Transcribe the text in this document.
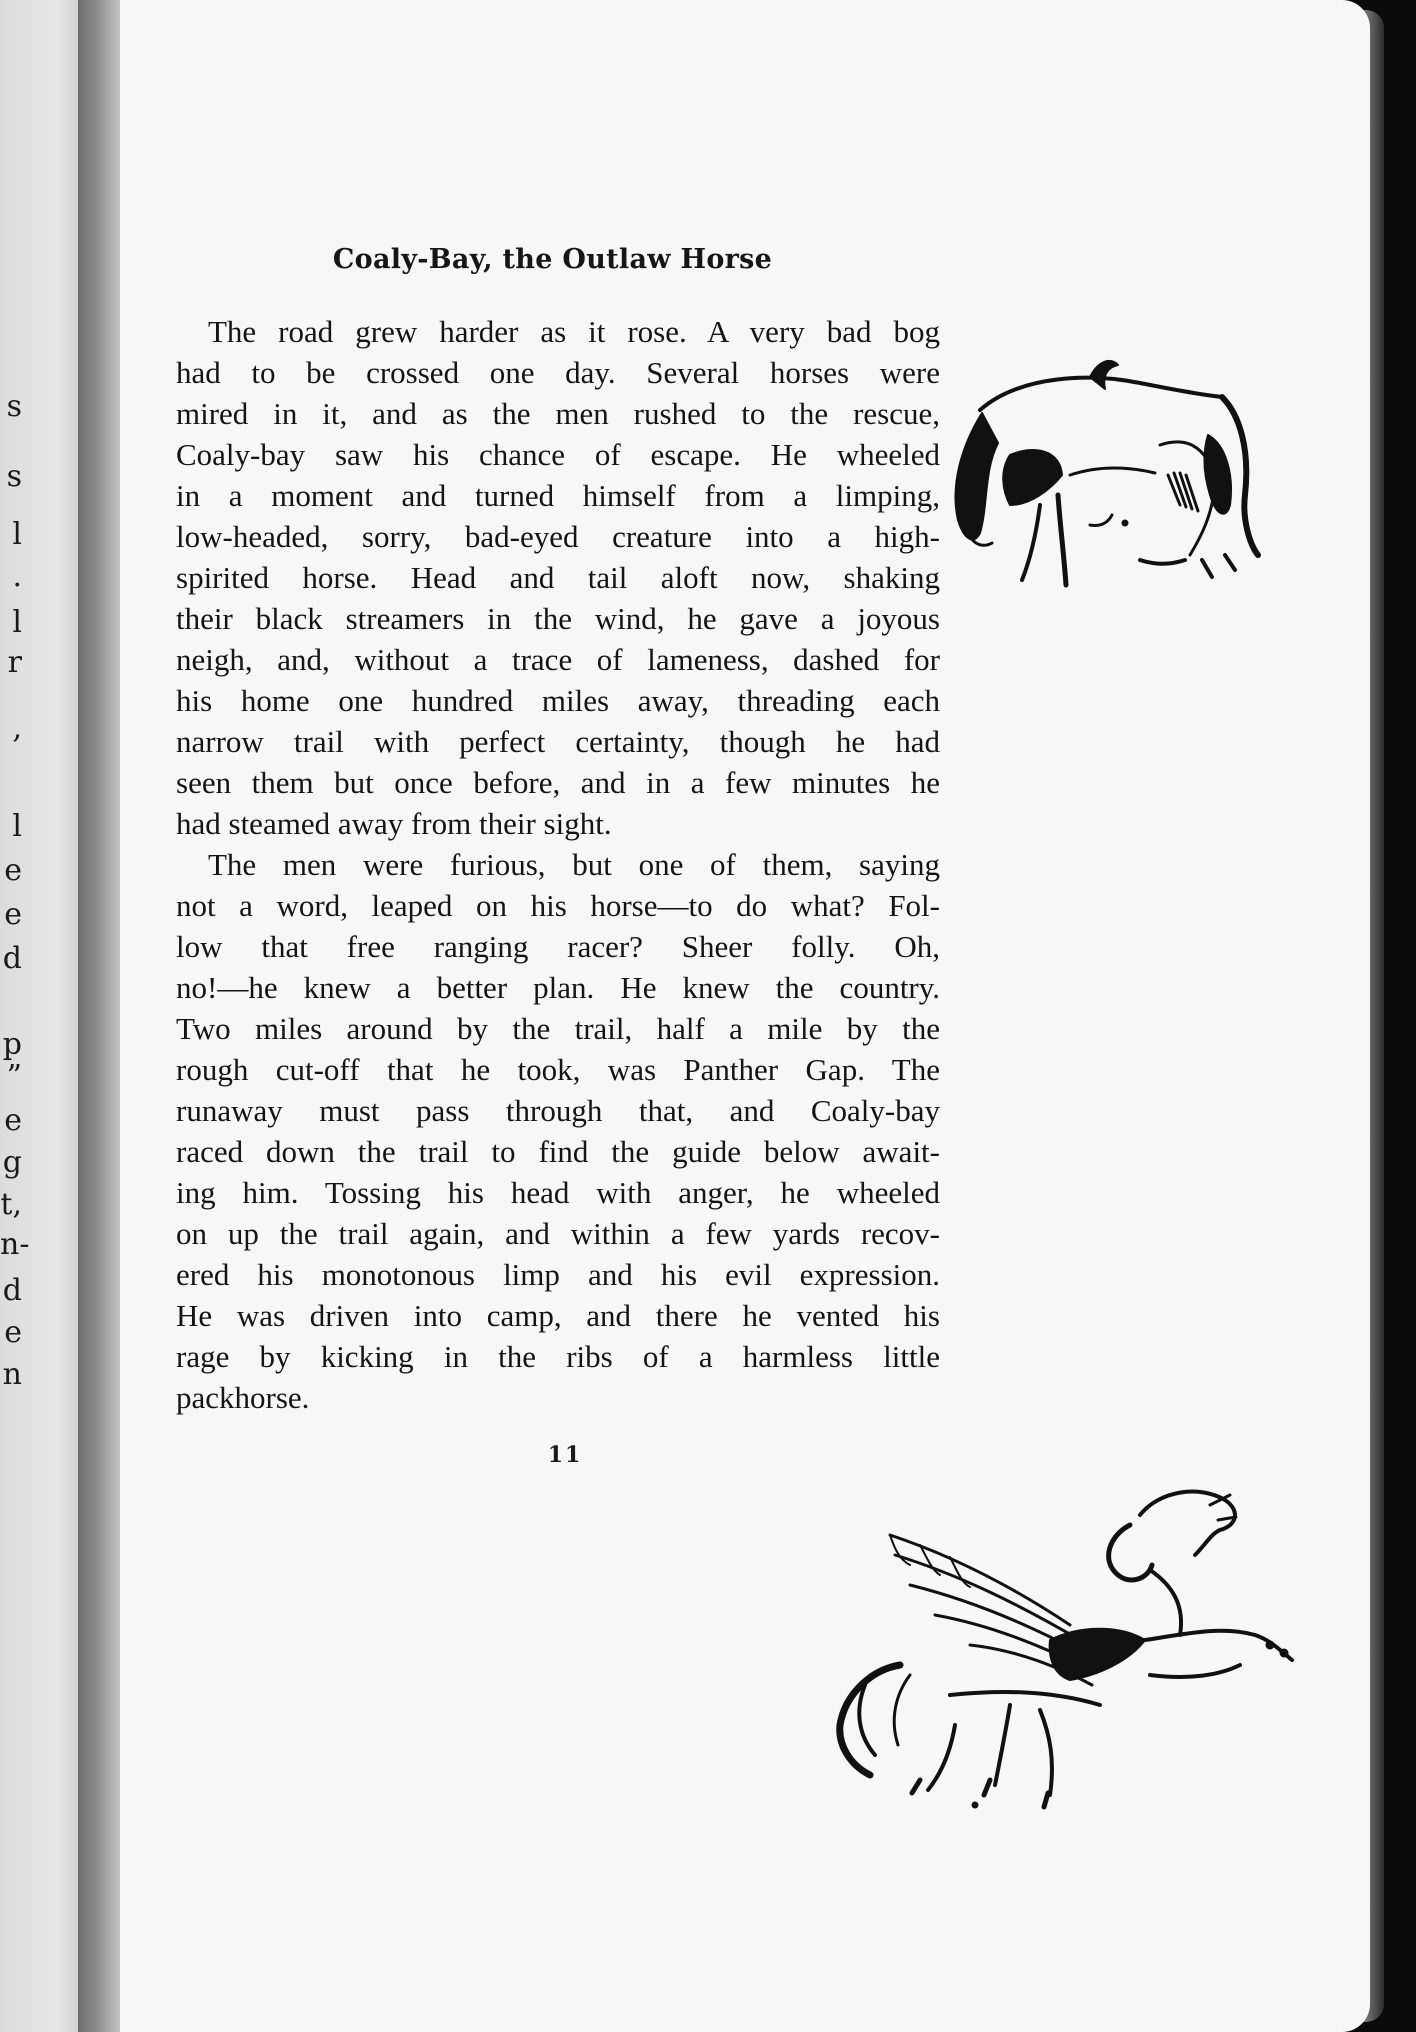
s
s
l
.
l
r
,
l
e
e
d
p
”
e
g
t,
n-
d
e
n
Coaly-Bay, the Outlaw Horse
The road grew harder as it rose. A very bad bog
had to be crossed one day. Several horses were
mired in it, and as the men rushed to the rescue,
Coaly-bay saw his chance of escape. He wheeled
in a moment and turned himself from a limping,
low-headed, sorry, bad-eyed creature into a high-
spirited horse. Head and tail aloft now, shaking
their black streamers in the wind, he gave a joyous
neigh, and, without a trace of lameness, dashed for
his home one hundred miles away, threading each
narrow trail with perfect certainty, though he had
seen them but once before, and in a few minutes he
had steamed away from their sight.
The men were furious, but one of them, saying
not a word, leaped on his horse—to do what? Fol-
low that free ranging racer? Sheer folly. Oh,
no!—he knew a better plan. He knew the country.
Two miles around by the trail, half a mile by the
rough cut-off that he took, was Panther Gap. The
runaway must pass through that, and Coaly-bay
raced down the trail to find the guide below await-
ing him. Tossing his head with anger, he wheeled
on up the trail again, and within a few yards recov-
ered his monotonous limp and his evil expression.
He was driven into camp, and there he vented his
rage by kicking in the ribs of a harmless little
packhorse.
11
